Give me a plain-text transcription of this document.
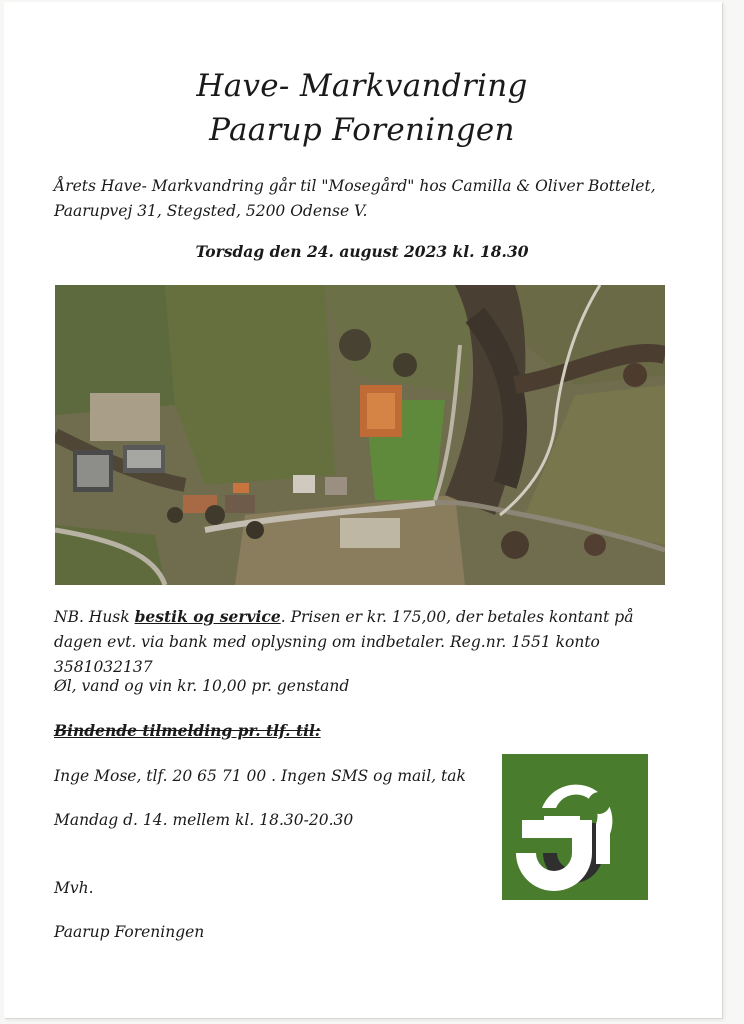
Have- Markvandring
Paarup Foreningen
Årets Have- Markvandring går til "Mosegård" hos Camilla & Oliver Bottelet, Paarupvej 31, Stegsted, 5200 Odense V.
Torsdag den 24. august 2023 kl. 18.30
NB. Husk bestik og service. Prisen er kr. 175,00, der betales kontant på dagen evt. via bank med oplysning om indbetaler. Reg.nr. 1551 konto 3581032137
Øl, vand og vin kr. 10,00 pr. genstand
Bindende tilmelding pr. tlf. til:
Inge Mose, tlf. 20 65 71 00 . Ingen SMS og mail, tak
Mandag d. 14. mellem kl. 18.30-20.30
Mvh.
Paarup Foreningen
